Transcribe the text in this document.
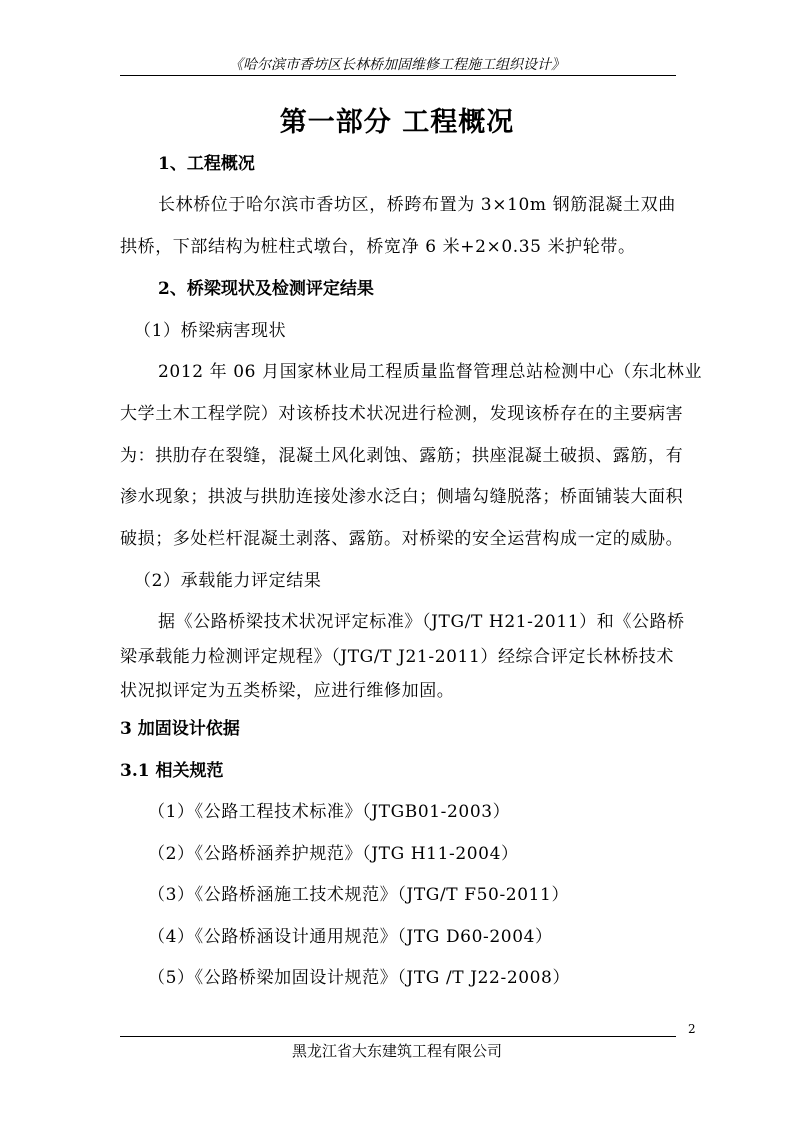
《哈尔滨市香坊区长林桥加固维修工程施工组织设计》
第一部分 工程概况
1、工程概况
长林桥位于哈尔滨市香坊区，桥跨布置为 3×10m 钢筋混凝土双曲
拱桥，下部结构为桩柱式墩台，桥宽净 6 米+2×0.35 米护轮带。
2、桥梁现状及检测评定结果
（1）桥梁病害现状
2012 年 06 月国家林业局工程质量监督管理总站检测中心（东北林业
大学土木工程学院）对该桥技术状况进行检测，发现该桥存在的主要病害
为：拱肋存在裂缝，混凝土风化剥蚀、露筋；拱座混凝土破损、露筋，有
渗水现象；拱波与拱肋连接处渗水泛白；侧墙勾缝脱落；桥面铺装大面积
破损；多处栏杆混凝土剥落、露筋。对桥梁的安全运营构成一定的威胁。
（2）承载能力评定结果
据《公路桥梁技术状况评定标准》（JTG/T H21-2011）和《公路桥
梁承载能力检测评定规程》（JTG/T J21-2011）经综合评定长林桥技术
状况拟评定为五类桥梁，应进行维修加固。
3 加固设计依据
3.1 相关规范
（1）《公路工程技术标准》（JTGB01-2003）
（2）《公路桥涵养护规范》（JTG H11-2004）
（3）《公路桥涵施工技术规范》（JTG/T F50-2011）
（4）《公路桥涵设计通用规范》（JTG D60-2004）
（5）《公路桥梁加固设计规范》（JTG /T J22-2008）
2
黑龙江省大东建筑工程有限公司
